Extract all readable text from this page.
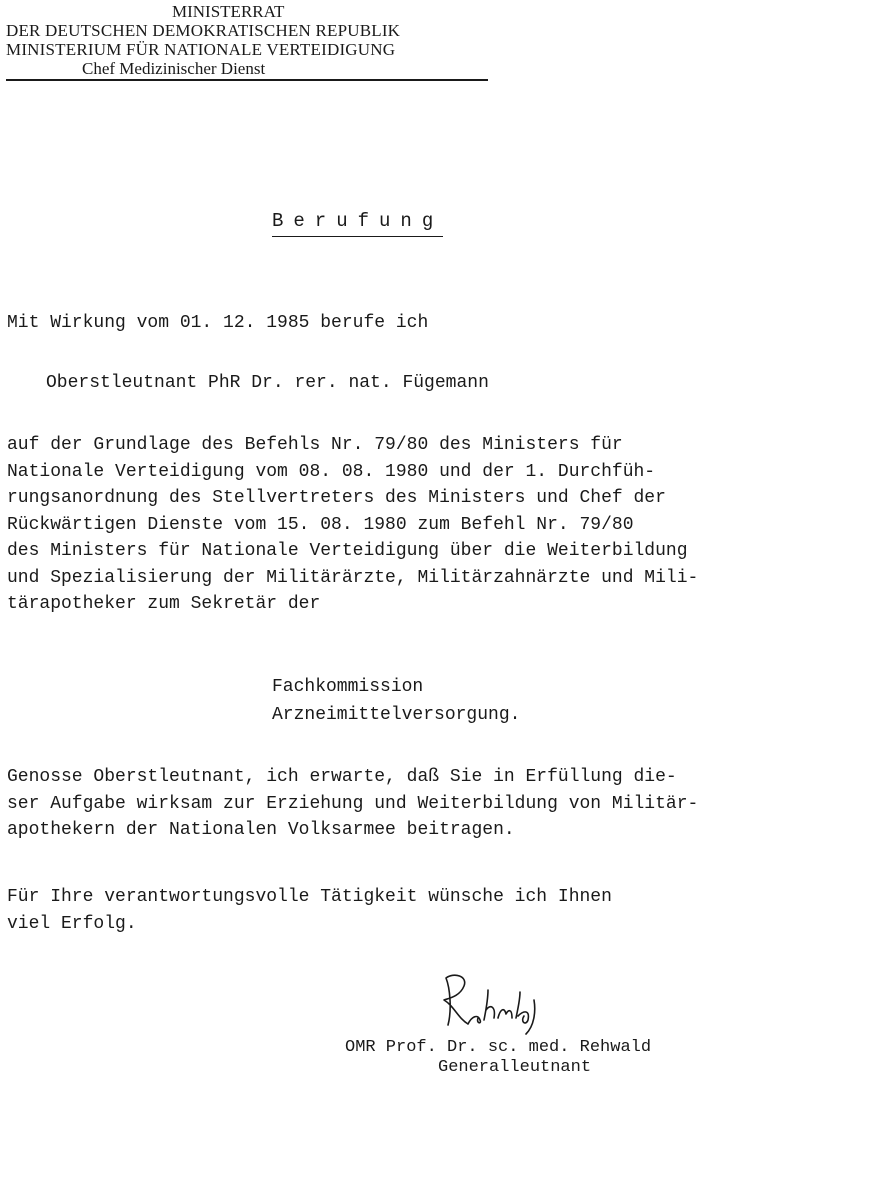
MINISTERRAT
DER DEUTSCHEN DEMOKRATISCHEN REPUBLIK
MINISTERIUM FÜR NATIONALE VERTEIDIGUNG
Chef Medizinischer Dienst
Berufung
Mit Wirkung vom 01. 12. 1985 berufe ich
Oberstleutnant PhR Dr. rer. nat. Fügemann
auf der Grundlage des Befehls Nr. 79/80 des Ministers für
Nationale Verteidigung vom 08. 08. 1980 und der 1. Durchfüh-
rungsanordnung des Stellvertreters des Ministers und Chef der
Rückwärtigen Dienste vom 15. 08. 1980 zum Befehl Nr. 79/80
des Ministers für Nationale Verteidigung über die Weiterbildung
und Spezialisierung der Militärärzte, Militärzahnärzte und Mili-
tärapotheker zum Sekretär der
Fachkommission
Arzneimittelversorgung.
Genosse Oberstleutnant, ich erwarte, daß Sie in Erfüllung die-
ser Aufgabe wirksam zur Erziehung und Weiterbildung von Militär-
apothekern der Nationalen Volksarmee beitragen.
Für Ihre verantwortungsvolle Tätigkeit wünsche ich Ihnen
viel Erfolg.
OMR Prof. Dr. sc. med. Rehwald
Generalleutnant
